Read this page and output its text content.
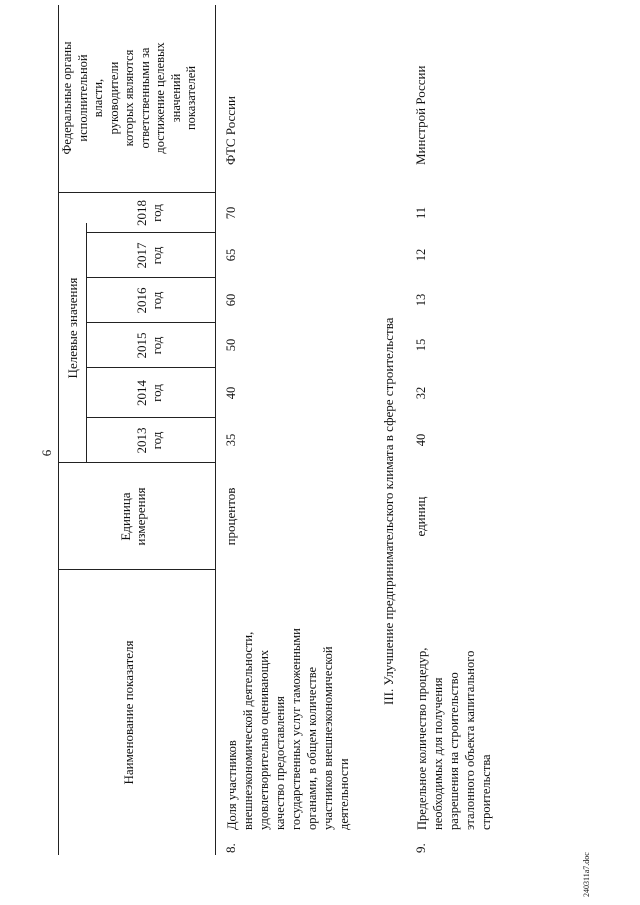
6
Наименование показателя
Единица измерения
Целевые значения
2013 год
2014 год
2015 год
2016 год
2017 год
2018 год
Федеральные органы исполнительной власти, руководители которых являются ответственными за достижение целевых значений показателей
8.
Доля участников внешнеэкономической деятельности, удовлетворительно оценивающих качество предоставления государственных услуг таможенными органами, в общем количестве участников внешнеэкономической деятельности
процентов
35
40
50
60
65
70
ФТС России
III. Улучшение предпринимательского климата в сфере строительства
9.
Предельное количество процедур, необходимых для получения разрешения на строительство эталонного объекта капитального строительства
единиц
40
32
15
13
12
11
Минстрой России
240311a7.doc
